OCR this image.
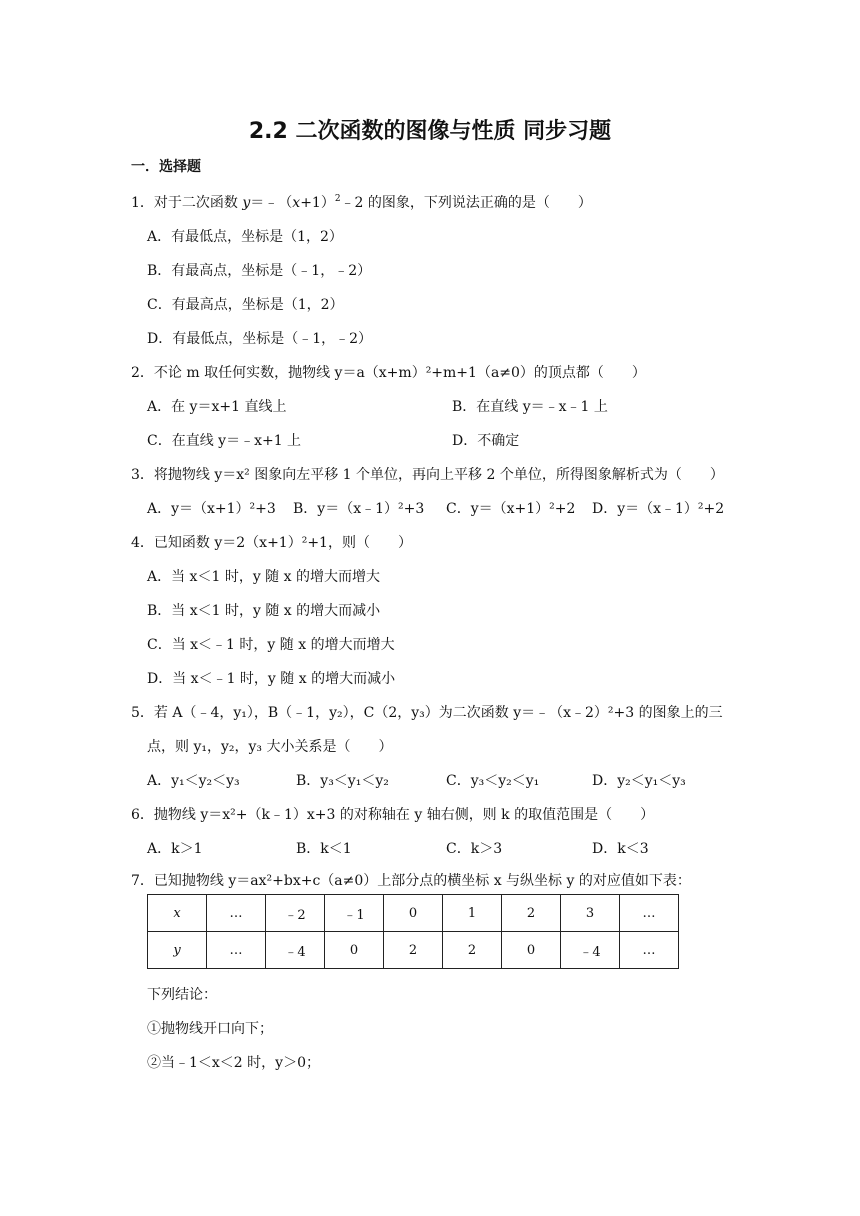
2.2 二次函数的图像与性质 同步习题
一．选择题
1．对于二次函数 $y=﹣(x+1)^2﹣2$ 的图象，下列说法正确的是（　　）
A．有最低点，坐标是（1，2）
B．有最高点，坐标是（﹣1，﹣2）
C．有最高点，坐标是（1，2）
D．有最低点，坐标是（﹣1，﹣2）
2．不论 m 取任何实数，抛物线 y＝a（x+m）²+m+1（a≠0）的顶点都（　　）
A．在 y＝x+1 直线上	B．在直线 y＝﹣x﹣1 上
C．在直线 y＝﹣x+1 上	D．不确定
3．将抛物线 y＝x² 图象向左平移 1 个单位，再向上平移 2 个单位，所得图象解析式为（　　）
A．y＝（x+1）²+3 B．y＝（x﹣1）²+3 C．y＝（x+1）²+2 D．y＝（x﹣1）²+2
4．已知函数 y＝2（x+1）²+1，则（　　）
A．当 x＜1 时，y 随 x 的增大而增大
B．当 x＜1 时，y 随 x 的增大而减小
C．当 x＜﹣1 时，y 随 x 的增大而增大
D．当 x＜﹣1 时，y 随 x 的增大而减小
5．若 A（﹣4，y₁），B（﹣1，y₂），C（2，y₃）为二次函数 y＝﹣（x﹣2）²+3 的图象上的三
点，则 y₁，y₂，y₃ 大小关系是（　　）
A．y₁＜y₂＜y₃	B．y₃＜y₁＜y₂	C．y₃＜y₂＜y₁	D．y₂＜y₁＜y₃
6．抛物线 y＝x²+（k﹣1）x+3 的对称轴在 y 轴右侧，则 k 的取值范围是（　　）
A．k＞1	B．k＜1	C．k＞3	D．k＜3
7．已知抛物线 y＝ax²+bx+c（a≠0）上部分点的横坐标 x 与纵坐标 y 的对应值如下表：
x	…	﹣2	﹣1	0	1	2	3	…
y	…	﹣4	0	2	2	0	﹣4	…
下列结论：
①抛物线开口向下；
②当﹣1＜x＜2 时，y＞0；
